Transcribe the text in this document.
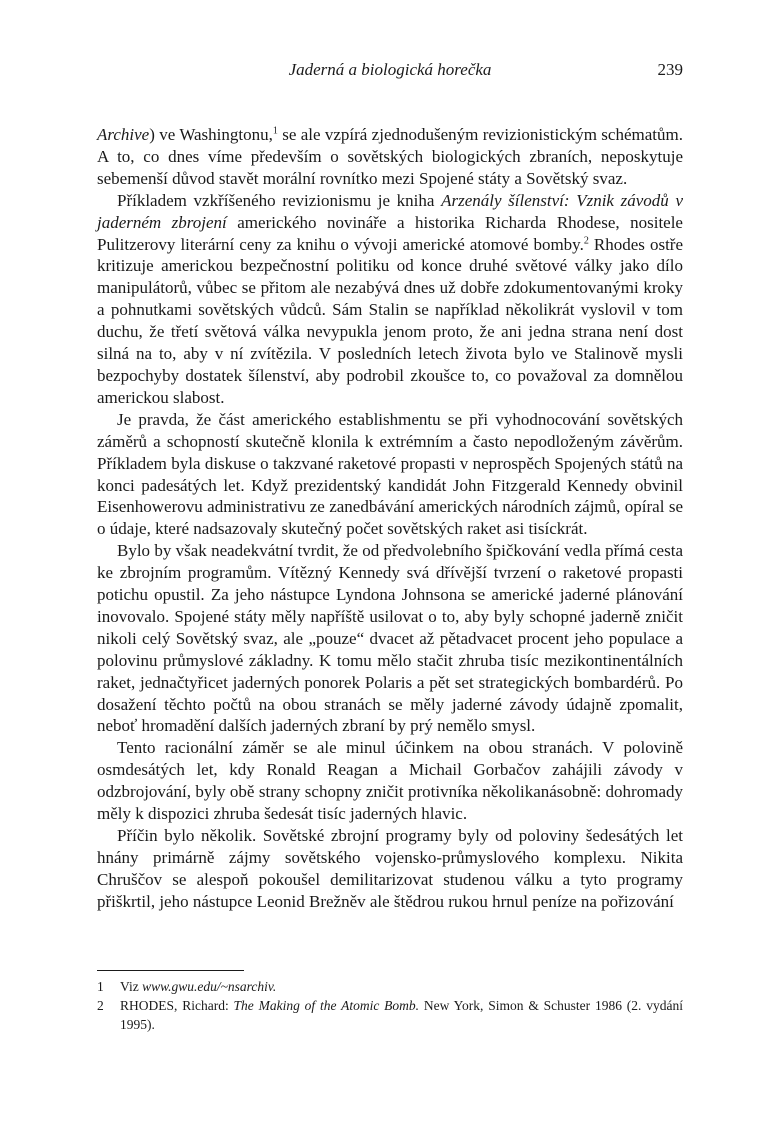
Jaderná a biologická horečka	239

Archive) ve Washingtonu,$^1$ se ale vzpírá zjednodušeným revizionistickým schématům. A to, co dnes víme především o sovětských biologických zbraních, neposkytuje sebemenší důvod stavět morální rovnítko mezi Spojené státy a Sovětský svaz.

Příkladem vzkříšeného revizionismu je kniha Arzenály šílenství: Vznik závodů v jaderném zbrojení amerického novináře a historika Richarda Rhodese, nositele Pulitzerovy literární ceny za knihu o vývoji americké atomové bomby.$^2$ Rhodes ostře kritizuje americkou bezpečnostní politiku od konce druhé světové války jako dílo manipulátorů, vůbec se přitom ale nezabývá dnes už dobře zdokumentovanými kroky a pohnutkami sovětských vůdců. Sám Stalin se například několikrát vyslovil v tom duchu, že třetí světová válka nevypukla jenom proto, že ani jedna strana není dost silná na to, aby v ní zvítězila. V posledních letech života bylo ve Stalinově mysli bezpochyby dostatek šílenství, aby podrobil zkoušce to, co považoval za domnělou americkou slabost.

Je pravda, že část amerického establishmentu se při vyhodnocování sovětských záměrů a schopností skutečně klonila k extrémním a často nepodloženým závěrům. Příkladem byla diskuse o takzvané raketové propasti v neprospěch Spojených států na konci padesátých let. Když prezidentský kandidát John Fitzgerald Kennedy obvinil Eisenhowerovu administrativu ze zanedbávání amerických národních zájmů, opíral se o údaje, které nadsazovaly skutečný počet sovětských raket asi tisíckrát.

Bylo by však neadekvátní tvrdit, že od předvolebního špičkování vedla přímá cesta ke zbrojním programům. Vítězný Kennedy svá dřívější tvrzení o raketové propasti potichu opustil. Za jeho nástupce Lyndona Johnsona se americké jaderné plánování inovovalo. Spojené státy měly napříště usilovat o to, aby byly schopné jaderně zničit nikoli celý Sovětský svaz, ale „pouze“ dvacet až pětadvacet procent jeho populace a polovinu průmyslové základny. K tomu mělo stačit zhruba tisíc mezikontinentálních raket, jednačtyřicet jaderných ponorek Polaris a pět set strategických bombardérů. Po dosažení těchto počtů na obou stranách se měly jaderné závody údajně zpomalit, neboť hromadění dalších jaderných zbraní by prý nemělo smysl.

Tento racionální záměr se ale minul účinkem na obou stranách. V polovině osmdesátých let, kdy Ronald Reagan a Michail Gorbačov zahájili závody v odzbrojování, byly obě strany schopny zničit protivníka několikanásobně: dohromady měly k dispozici zhruba šedesát tisíc jaderných hlavic.

Příčin bylo několik. Sovětské zbrojní programy byly od poloviny šedesátých let hnány primárně zájmy sovětského vojensko-průmyslového komplexu. Nikita Chruščov se alespoň pokoušel demilitarizovat studenou válku a tyto programy přiškrtil, jeho nástupce Leonid Brežněv ale štědrou rukou hrnul peníze na pořizování

1	Viz www.gwu.edu/~nsarchiv.
2	RHODES, Richard: The Making of the Atomic Bomb. New York, Simon & Schuster 1986 (2. vydání 1995).
